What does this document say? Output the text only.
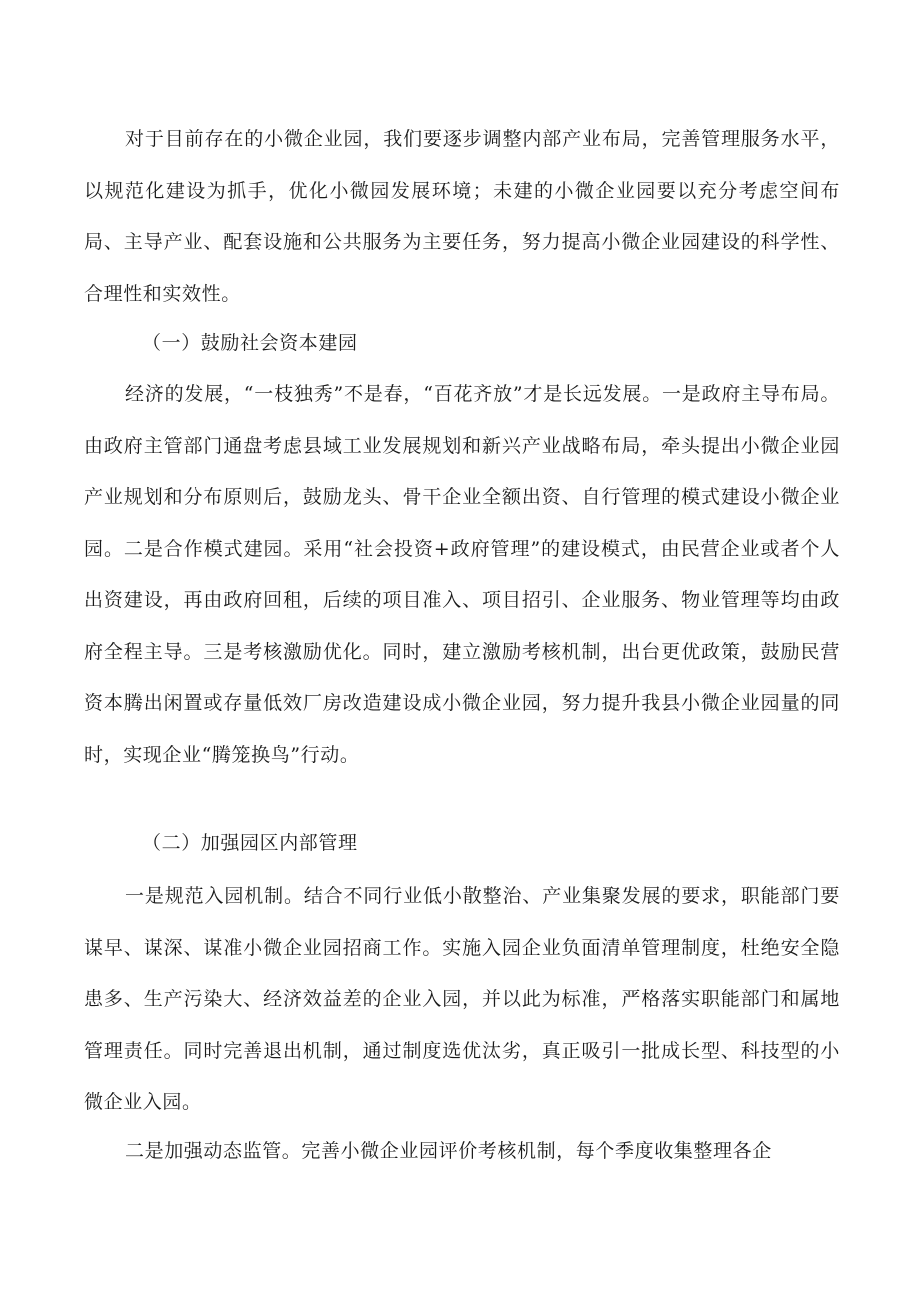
对于目前存在的小微企业园，我们要逐步调整内部产业布局，完善管理服务水平，以规范化建设为抓手，优化小微园发展环境；未建的小微企业园要以充分考虑空间布局、主导产业、配套设施和公共服务为主要任务，努力提高小微企业园建设的科学性、合理性和实效性。

（一）鼓励社会资本建园

经济的发展，“一枝独秀”不是春，“百花齐放”才是长远发展。一是政府主导布局。由政府主管部门通盘考虑县域工业发展规划和新兴产业战略布局，牵头提出小微企业园产业规划和分布原则后，鼓励龙头、骨干企业全额出资、自行管理的模式建设小微企业园。二是合作模式建园。采用“社会投资+政府管理”的建设模式，由民营企业或者个人出资建设，再由政府回租，后续的项目准入、项目招引、企业服务、物业管理等均由政府全程主导。三是考核激励优化。同时，建立激励考核机制，出台更优政策，鼓励民营资本腾出闲置或存量低效厂房改造建设成小微企业园，努力提升我县小微企业园量的同时，实现企业“腾笼换鸟”行动。

（二）加强园区内部管理

一是规范入园机制。结合不同行业低小散整治、产业集聚发展的要求，职能部门要谋早、谋深、谋准小微企业园招商工作。实施入园企业负面清单管理制度，杜绝安全隐患多、生产污染大、经济效益差的企业入园，并以此为标准，严格落实职能部门和属地管理责任。同时完善退出机制，通过制度选优汰劣，真正吸引一批成长型、科技型的小微企业入园。

二是加强动态监管。完善小微企业园评价考核机制，每个季度收集整理各企
